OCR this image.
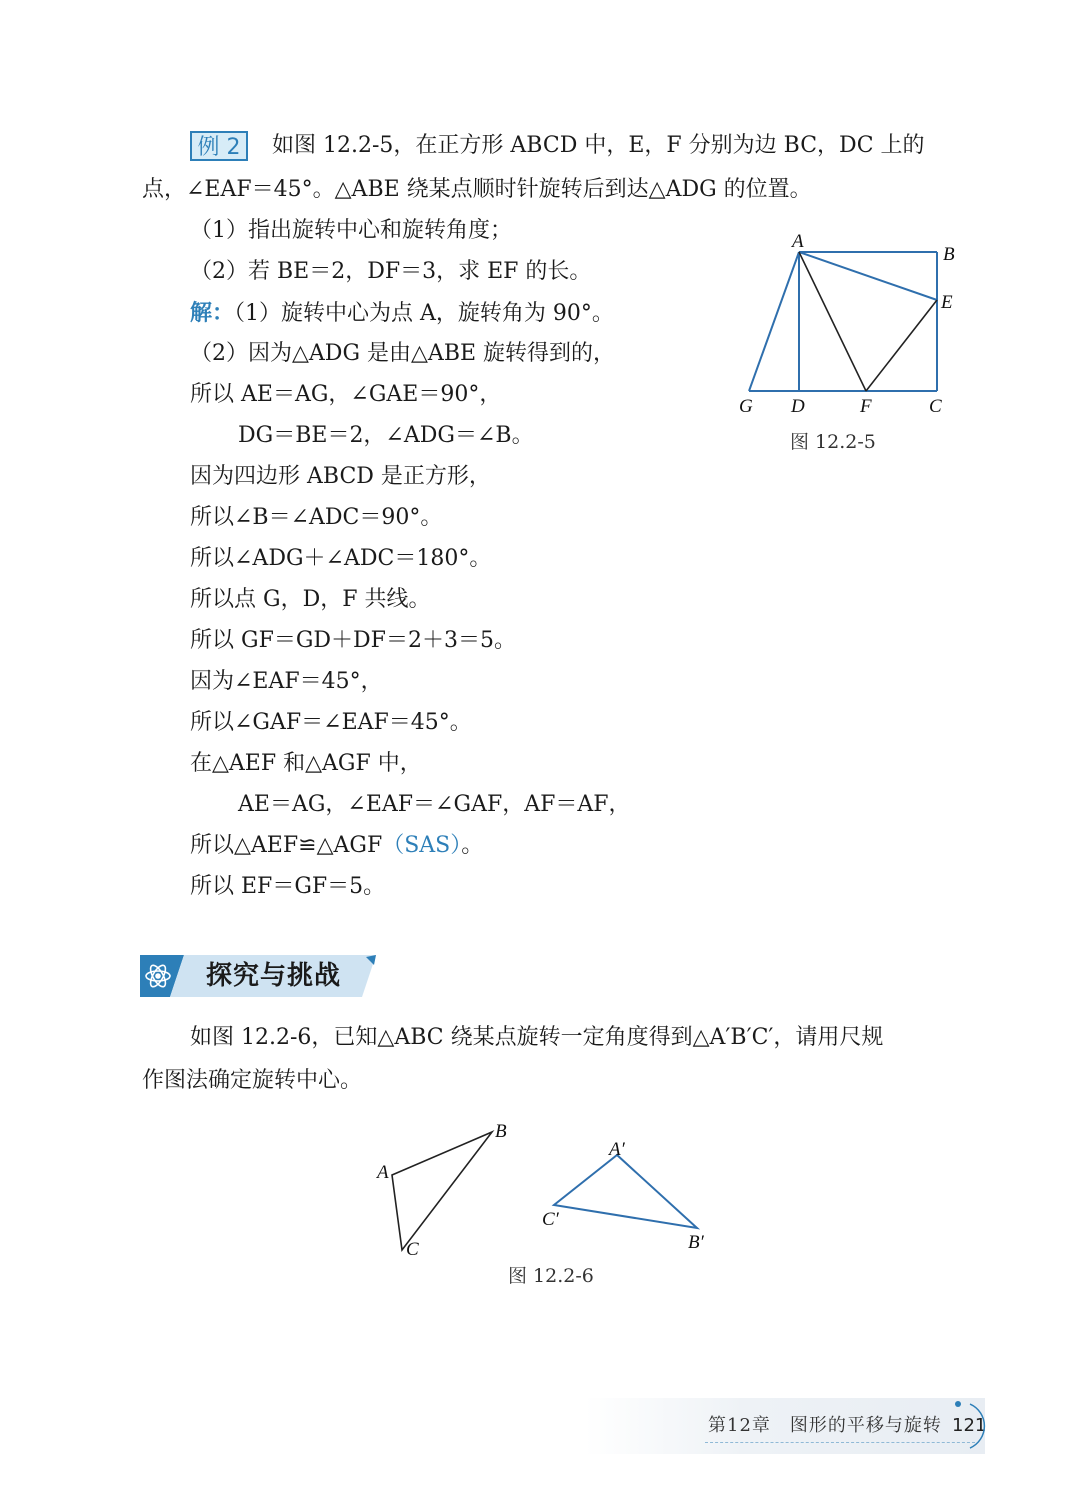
例 2	如图 12.2-5，在正方形 ABCD 中，E，F 分别为边 BC，DC 上的
点，∠EAF＝45°。△ABE 绕某点顺时针旋转后到达△ADG 的位置。
（1）指出旋转中心和旋转角度；
（2）若 BE＝2，DF＝3，求 EF 的长。
解：（1）旋转中心为点 A，旋转角为 90°。
（2）因为△ADG 是由△ABE 旋转得到的，
所以 AE＝AG，∠GAE＝90°，
DG＝BE＝2，∠ADG＝∠B。
因为四边形 ABCD 是正方形，
所以∠B＝∠ADC＝90°。
所以∠ADG＋∠ADC＝180°。
所以点 G，D，F 共线。
所以 GF＝GD＋DF＝2＋3＝5。
因为∠EAF＝45°，
所以∠GAF＝∠EAF＝45°。
在△AEF 和△AGF 中，
AE＝AG，∠EAF＝∠GAF，AF＝AF，
所以△AEF≌△AGF（SAS）。
所以 EF＝GF＝5。
A
B
E
G D	F	C
图 12.2-5
探究与挑战
如图 12.2-6，已知△ABC 绕某点旋转一定角度得到△A′B′C′，请用尺规
作图法确定旋转中心。
A
B
C
A′
C′
B′
图 12.2-6
第12章　图形的平移与旋转 121
